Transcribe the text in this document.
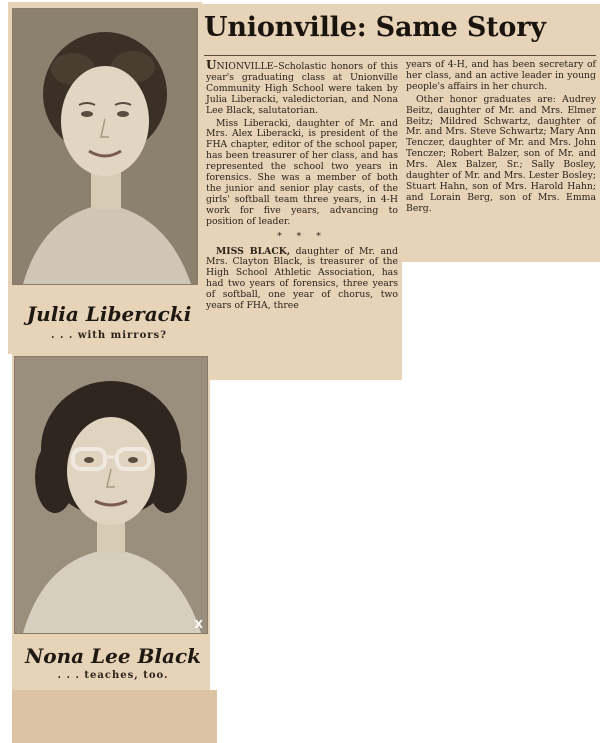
Julia Liberacki
. . . with mirrors?
X
Nona Lee Black
. . . teaches, too.
Unionville: Same Story

UNIONVILLE–Scholastic honors of this year's graduating class at Unionville Community High School were taken by Julia Liberacki, valedictorian, and Nona Lee Black, salutatorian.

Miss Liberacki, daughter of Mr. and Mrs. Alex Liberacki, is president of the FHA chapter, editor of the school paper, has been treasurer of her class, and has represented the school two years in forensics. She was a member of both the junior and senior play casts, of the girls' softball team three years, in 4-H work for five years, advancing to position of leader.

* * *

MISS BLACK, daughter of Mr. and Mrs. Clayton Black, is treasurer of the High School Athletic Association, has had two years of forensics, three years of softball, one year of chorus, two years of FHA, three

years of 4-H, and has been secretary of her class, and an active leader in young people's affairs in her church.

Other honor graduates are: Audrey Beitz, daughter of Mr. and Mrs. Elmer Beitz; Mildred Schwartz, daughter of Mr. and Mrs. Steve Schwartz; Mary Ann Tenczer, daughter of Mr. and Mrs. John Tenczer; Robert Balzer, son of Mr. and Mrs. Alex Balzer, Sr.; Sally Bosley, daughter of Mr. and Mrs. Lester Bosley; Stuart Hahn, son of Mrs. Harold Hahn; and Lorain Berg, son of Mrs. Emma Berg.
